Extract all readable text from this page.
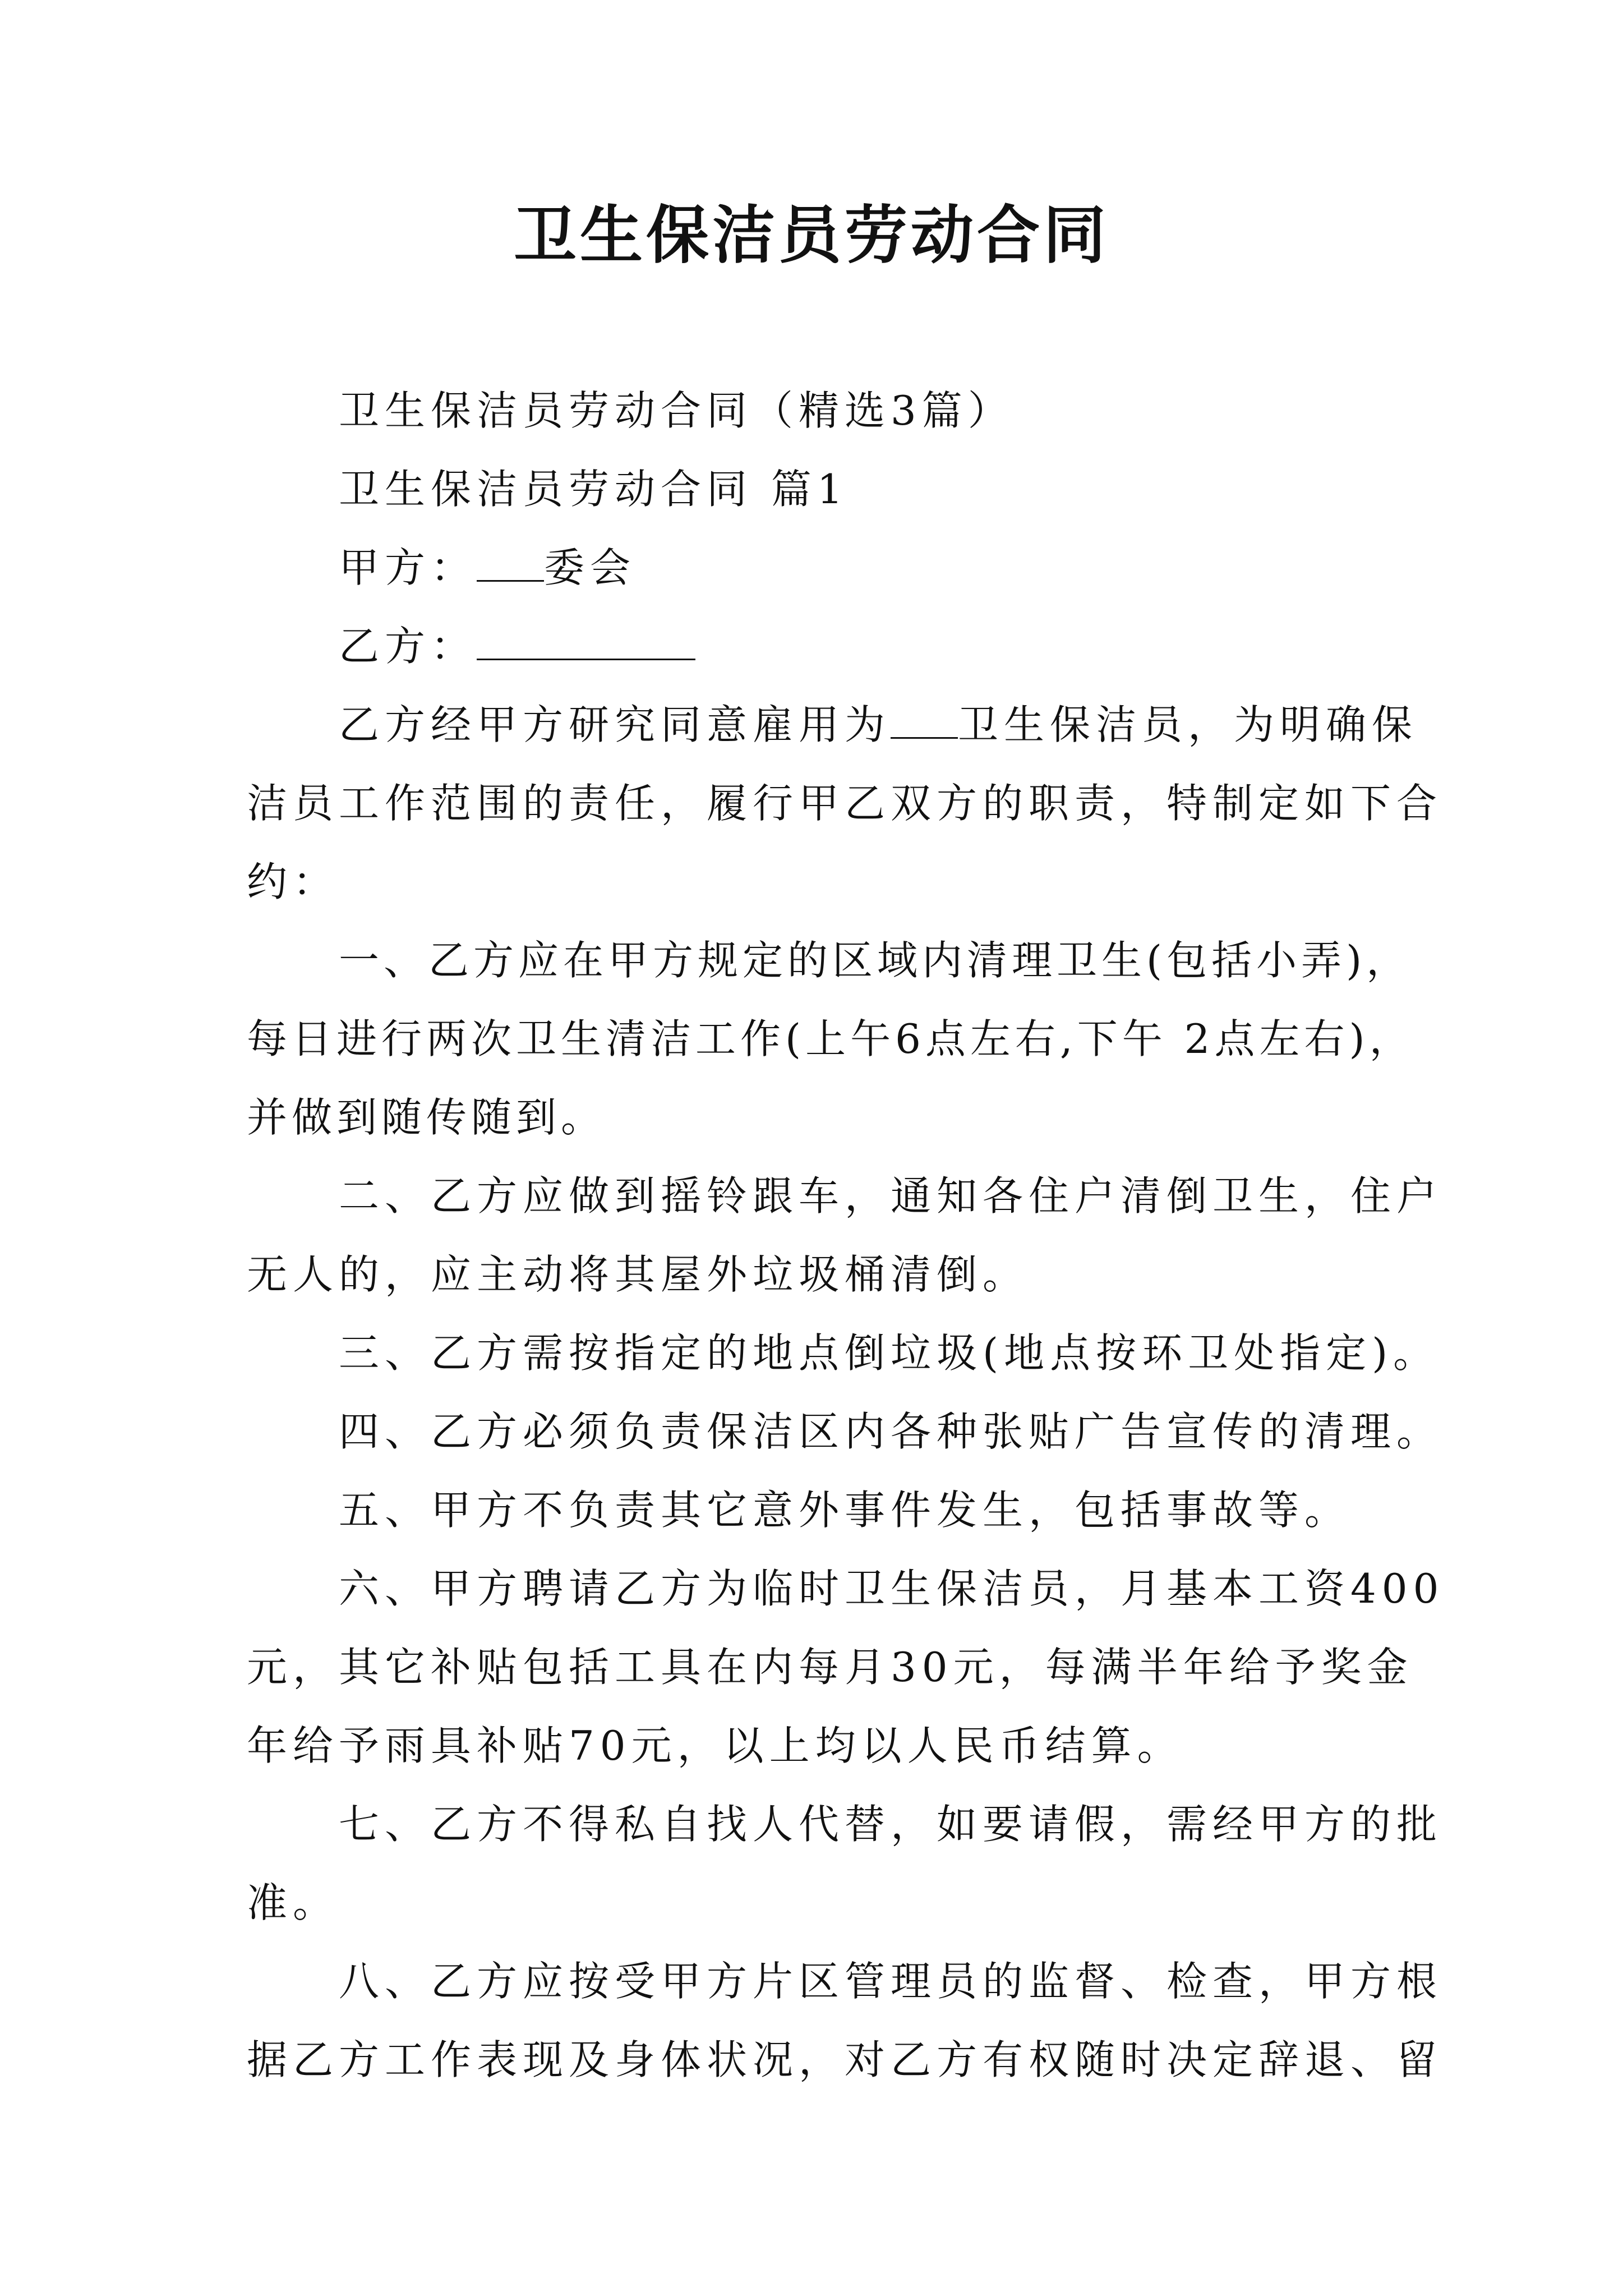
卫生保洁员劳动合同

卫生保洁员劳动合同（精选3篇）

卫生保洁员劳动合同 篇1

甲方： 委会

乙方：

乙方经甲方研究同意雇用为 卫生保洁员，为明确保洁员工作范围的责任，履行甲乙双方的职责，特制定如下合约：

一、乙方应在甲方规定的区域内清理卫生(包括小弄)，每日进行两次卫生清洁工作(上午6点左右,下午 2点左右)，并做到随传随到。

二、乙方应做到摇铃跟车，通知各住户清倒卫生，住户无人的，应主动将其屋外垃圾桶清倒。

三、乙方需按指定的地点倒垃圾(地点按环卫处指定)。

四、乙方必须负责保洁区内各种张贴广告宣传的清理。

五、甲方不负责其它意外事件发生，包括事故等。

六、甲方聘请乙方为临时卫生保洁员，月基本工资400元，其它补贴包括工具在内每月30元，每满半年给予奖金年给予雨具补贴70元，以上均以人民币结算。

七、乙方不得私自找人代替，如要请假，需经甲方的批准。

八、乙方应按受甲方片区管理员的监督、检查，甲方根据乙方工作表现及身体状况，对乙方有权随时决定辞退、留
